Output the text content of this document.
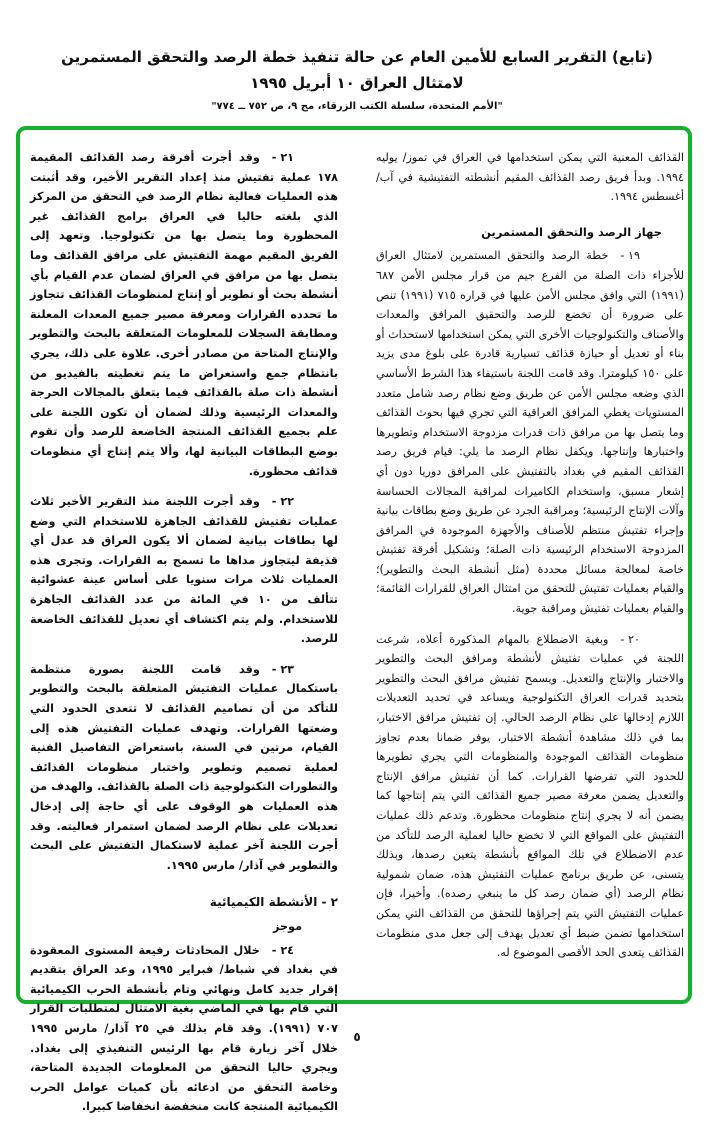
(تابع) التقرير السابع للأمين العام عن حالة تنفيذ خطة الرصد والتحقق المستمرين
لامتثال العراق ١٠ أبريل ١٩٩٥
"الأمم المتحدة، سلسلة الكتب الزرقاء، مج ٩، ص ٧٥٢ ــ ٧٧٤"

القذائف المعنية التي يمكن استخدامها في العراق في تموز/ يوليه ١٩٩٤. وبدأ فريق رصد القذائف المقيم أنشطته التفتيشية في آب/ أغسطس ١٩٩٤.

جهاز الرصد والتحقق المستمرين

١٩ -خطة الرصد والتحقق المستمرين لامتثال العراق للأجزاء ذات الصلة من الفرع جيم من قرار مجلس الأمن ٦٨٧ (١٩٩١) التي وافق مجلس الأمن عليها في قراره ٧١٥ (١٩٩١) تنص على ضرورة أن تخضع للرصد والتحقيق المرافق والمعدات والأصناف والتكنولوجيات الأخرى التي يمكن استخدامها لاستحداث أو بناء أو تعديل أو حيازة قذائف تسيارية قادرة على بلوغ مدى يزيد على ١٥٠ كيلومترا. وقد قامت اللجنة باستيفاء هذا الشرط الأساسي الذي وضعه مجلس الأمن عن طريق وضع نظام رصد شامل متعدد المستويات يغطي المرافق العراقية التي تجري فيها بحوث القذائف وما يتصل بها من مرافق ذات قدرات مزدوجة الاستخدام وتطويرها واختبارها وإنتاجها. ويكفل نظام الرصد ما يلي: قيام فريق رصد القذائف المقيم في بغداد بالتفتيش على المرافق دوريا دون أي إشعار مسبق، واستخدام الكاميرات لمراقبة المجالات الحساسة وآلات الإنتاج الرئيسية؛ ومراقبة الجرد عن طريق وضع بطاقات بيانية وإجراء تفتيش منتظم للأصناف والأجهزة الموجودة في المرافق المزدوجة الاستخدام الرئيسية ذات الصلة؛ وتشكيل أفرقة تفتيش خاصة لمعالجة مسائل محددة (مثل أنشطة البحث والتطوير)؛ والقيام بعمليات تفتيش للتحقق من امتثال العراق للقرارات القائمة؛ والقيام بعمليات تفتيش ومراقبة جوية.

٢٠ -وبغية الاضطلاع بالمهام المذكورة أعلاه، شرعت اللجنة في عمليات تفتيش لأنشطة ومرافق البحث والتطوير والاختبار والإنتاج والتعديل. ويسمح تفتيش مرافق البحث والتطوير بتحديد قدرات العراق التكنولوجية ويساعد في تحديد التعديلات اللازم إدخالها على نظام الرصد الحالي. إن تفتيش مرافق الاختبار، بما في ذلك مشاهدة أنشطة الاختبار، يوفر ضمانا بعدم تجاوز منظومات القذائف الموجودة والمنظومات التي يجري تطويرها للحدود التي تفرضها القرارات. كما أن تفتيش مرافق الإنتاج والتعديل يضمن معرفة مصير جميع القذائف التي يتم إنتاجها كما يضمن أنه لا يجري إنتاج منظومات محظورة. وتدعم ذلك عمليات التفتيش على المواقع التي لا تخضع حاليا لعملية الرصد للتأكد من عدم الاضطلاع في تلك المواقع بأنشطة يتعين رصدها، وبذلك يتسنى، عن طريق برنامج عمليات التفتيش هذه، ضمان شمولية نظام الرصد (أي ضمان رصد كل ما ينبغي رصده). وأخيرا، فإن عمليات التفتيش التي يتم إجراؤها للتحقق من القذائف التي يمكن استخدامها تضمن ضبط أي تعديل يهدف إلى جعل مدى منظومات القذائف يتعدى الحد الأقصى الموضوع له.

٢١ -وقد أجرت أفرقة رصد القذائف المقيمة ١٧٨ عملية تفتيش منذ إعداد التقرير الأخير، وقد أثبتت هذه العمليات فعالية نظام الرصد في التحقق من المركز الذي بلغته حاليا في العراق برامج القذائف غير المحظورة وما يتصل بها من تكنولوجيا. وتعهد إلى الفريق المقيم مهمة التفتيش على مرافق القذائف وما يتصل بها من مرافق في العراق لضمان عدم القيام بأي أنشطة بحث أو تطوير أو إنتاج لمنظومات القذائف تتجاوز ما تحدده القرارات ومعرفة مصير جميع المعدات المعلنة ومطابقة السجلات للمعلومات المتعلقة بالبحث والتطوير والإنتاج المتاحة من مصادر أخرى. علاوة على ذلك، يجري بانتظام جمع واستعراض ما يتم تغطيته بالفيديو من أنشطة ذات صلة بالقذائف فيما يتعلق بالمجالات الحرجة والمعدات الرئيسية وذلك لضمان أن تكون اللجنة على علم بجميع القذائف المنتجة الخاضعة للرصد وأن تقوم بوضع البطاقات البيانية لها، وألا يتم إنتاج أي منظومات قذائف محظورة.

٢٢ -وقد أجرت اللجنة منذ التقرير الأخير ثلاث عمليات تفتيش للقذائف الجاهزة للاستخدام التي وضع لها بطاقات بيانية لضمان ألا يكون العراق قد عدل أي قذيفة ليتجاوز مداها ما تسمح به القرارات. وتجرى هذه العمليات ثلاث مرات سنويا على أساس عينة عشوائية تتألف من ١٠ في المائة من عدد القذائف الجاهزة للاستخدام. ولم يتم اكتشاف أي تعديل للقذائف الخاضعة للرصد.

٢٣ -وقد قامت اللجنة بصورة منتظمة باستكمال عمليات التفتيش المتعلقة بالبحث والتطوير للتأكد من أن تصاميم القذائف لا تتعدى الحدود التي وضعتها القرارات. وتهدف عمليات التفتيش هذه إلى القيام، مرتين في السنة، باستعراض التفاصيل الفنية لعملية تصميم وتطوير واختبار منظومات القذائف والتطورات التكنولوجية ذات الصلة بالقذائف. والهدف من هذه العمليات هو الوقوف على أي حاجة إلى إدخال تعديلات على نظام الرصد لضمان استمرار فعاليته. وقد أجرت اللجنة آخر عملية لاستكمال التفتيش على البحث والتطوير في آذار/ مارس ١٩٩٥.

٢ - الأنشطة الكيميائية
موجز

٢٤ -خلال المحادثات رفيعة المستوى المعقودة في بغداد في شباط/ فبراير ١٩٩٥، وعد العراق بتقديم إقرار جديد كامل ونهائي وتام بأنشطة الحرب الكيميائية التي قام بها في الماضي بغية الامتثال لمتطلبات القرار ٧٠٧ (١٩٩١). وقد قام بذلك في ٢٥ آذار/ مارس ١٩٩٥ خلال آخر زيارة قام بها الرئيس التنفيذي إلى بغداد. ويجري حاليا التحقق من المعلومات الجديدة المتاحة، وخاصة التحقق من ادعائه بأن كميات عوامل الحرب الكيميائية المنتجة كانت منخفضة انخفاضا كبيرا.

٥
